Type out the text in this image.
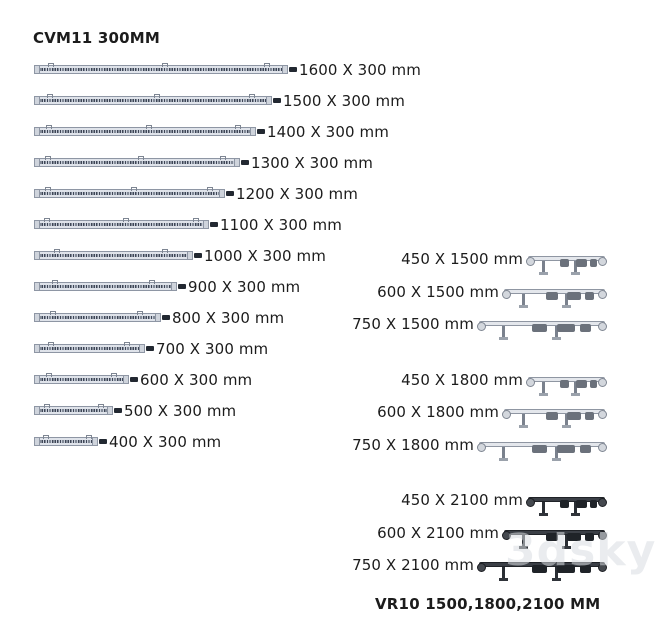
CVM11 300MM
1600 X 300 mm
1500 X 300 mm
1400 X 300 mm
1300 X 300 mm
1200 X 300 mm
1100 X 300 mm
1000 X 300 mm
900 X 300 mm
800 X 300 mm
700 X 300 mm
600 X 300 mm
500 X 300 mm
400 X 300 mm
450 X 1500 mm
600 X 1500 mm
750 X 1500 mm
450 X 1800 mm
600 X 1800 mm
750 X 1800 mm
450 X 2100 mm
600 X 2100 mm
750 X 2100 mm
VR10 1500,1800,2100 MM
3dsky
